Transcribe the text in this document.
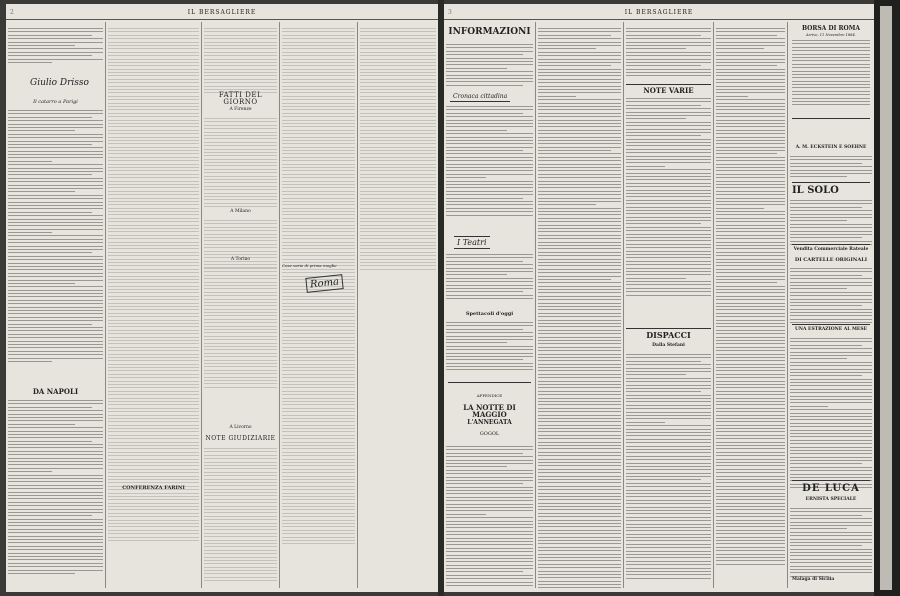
2	IL BERSAGLIERE
Giulio Drisso
Il catarro a Parigi
DA NAPOLI
CONFERENZA FARINI
FATTI DEL GIORNO
A Firenze
A Milano
A Torino
A Livorno
NOTE GIUDIZIARIE
Cose varie di prima moglie
Roma
3	IL BERSAGLIERE
INFORMAZIONI
Cronaca cittadina
I Teatri
Spettacoli d'oggi
APPENDICE
LA NOTTE DI MAGGIO
L'ANNEGATA
GOGOL
NOTE VARIE
DISPACCI
Dalla Stefani
BORSA DI ROMA
Arrivo, 11 Novembre 1884.
A. M. ECKSTEIN E SOEHNE
IL SOLO
Vendita Commerciale Rateale
DI CARTELLE ORIGINALI
UNA ESTRAZIONE AL MESE
DE LUCA
ERNISTA SPECIALE
Malaga di Sicilia
